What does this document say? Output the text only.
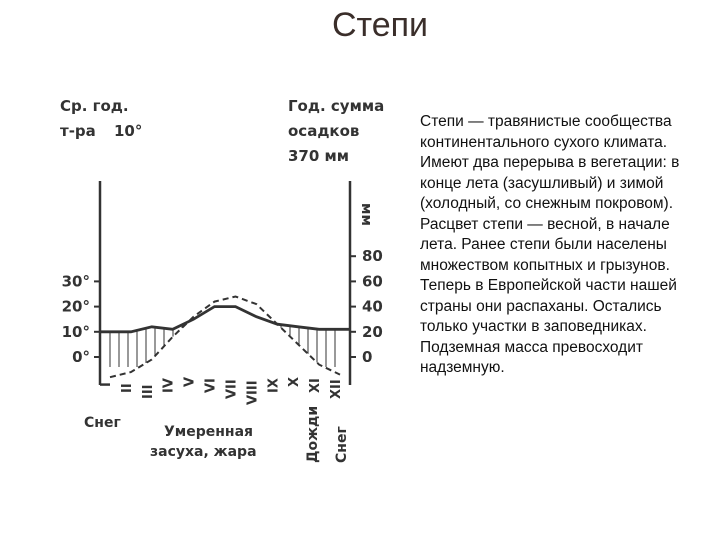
Степи
0°
10°
20°
30°
0
20
40
60
80
I II III IV V VI VII VIII IX X XI XII
Ср. год.
т-ра 10°
Год. сумма
осадков
370 мм
мм
Снег
Умеренная
засуха, жара	Дожди Снег
Степи — травянистые сообщества континентального сухого климата. Имеют два перерыва в вегетации: в конце лета (засушливый) и зимой (холодный, со снежным покровом). Расцвет степи — весной, в начале лета. Ранее степи были населены множеством копытных и грызунов. Теперь в Европейской части нашей страны они распаханы. Остались только участки в заповедниках. Подземная масса превосходит надземную.
